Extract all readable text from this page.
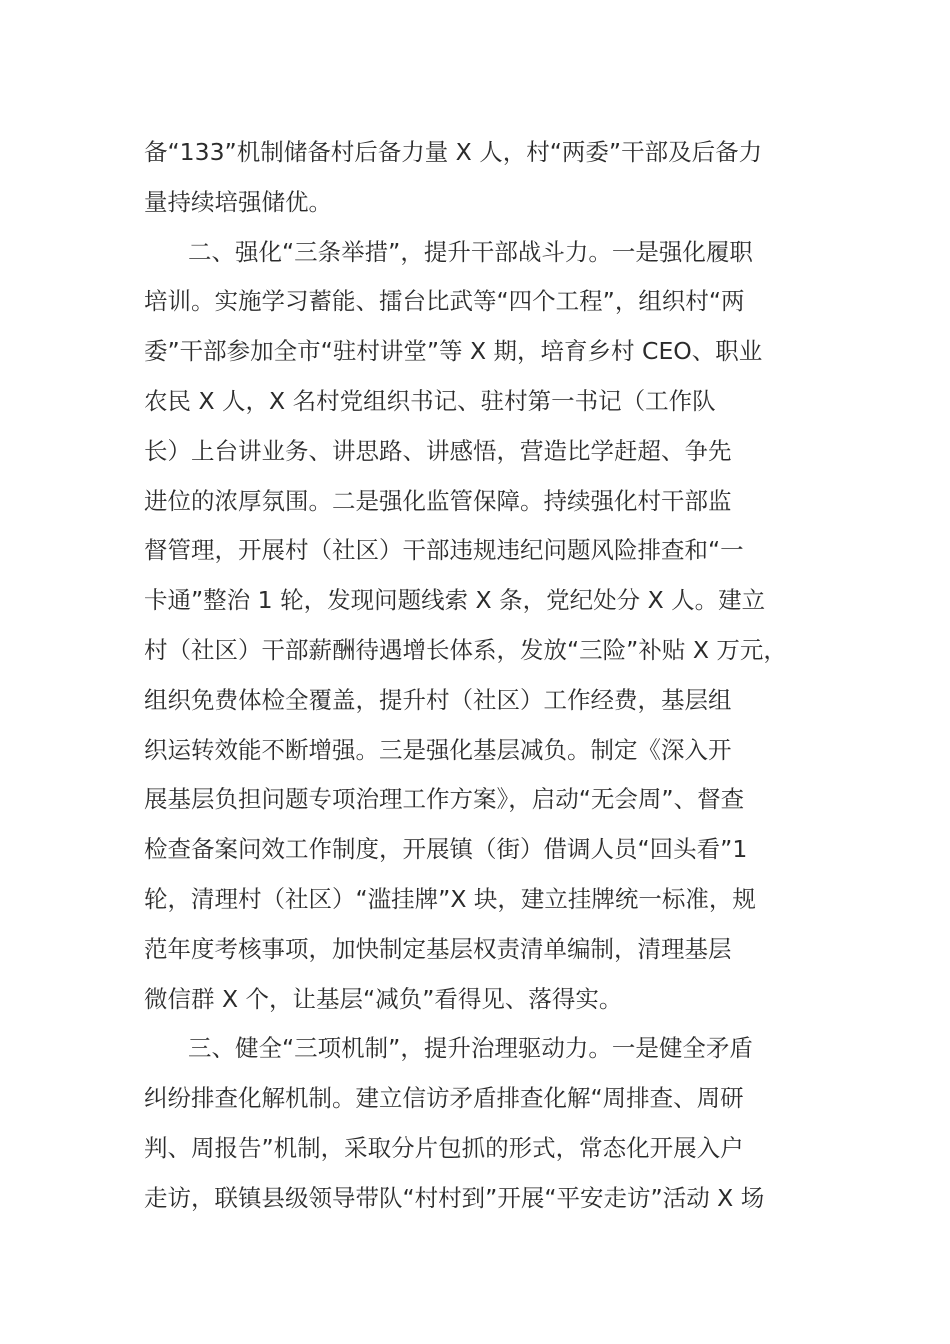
备“133”机制储备村后备力量 X 人，村“两委”干部及后备力
量持续培强储优。
二、强化“三条举措”，提升干部战斗力。一是强化履职
培训。实施学习蓄能、擂台比武等“四个工程”，组织村“两
委”干部参加全市“驻村讲堂”等 X 期，培育乡村 CEO、职业
农民 X 人，X 名村党组织书记、驻村第一书记（工作队
长）上台讲业务、讲思路、讲感悟，营造比学赶超、争先
进位的浓厚氛围。二是强化监管保障。持续强化村干部监
督管理，开展村（社区）干部违规违纪问题风险排查和“一
卡通”整治 1 轮，发现问题线索 X 条，党纪处分 X 人。建立
村（社区）干部薪酬待遇增长体系，发放“三险”补贴 X 万元，
组织免费体检全覆盖，提升村（社区）工作经费，基层组
织运转效能不断增强。三是强化基层减负。制定《深入开
展基层负担问题专项治理工作方案》，启动“无会周”、督查
检查备案问效工作制度，开展镇（街）借调人员“回头看”1
轮，清理村（社区）“滥挂牌”X 块，建立挂牌统一标准，规
范年度考核事项，加快制定基层权责清单编制，清理基层
微信群 X 个，让基层“减负”看得见、落得实。
三、健全“三项机制”，提升治理驱动力。一是健全矛盾
纠纷排查化解机制。建立信访矛盾排查化解“周排查、周研
判、周报告”机制，采取分片包抓的形式，常态化开展入户
走访，联镇县级领导带队“村村到”开展“平安走访”活动 X 场
